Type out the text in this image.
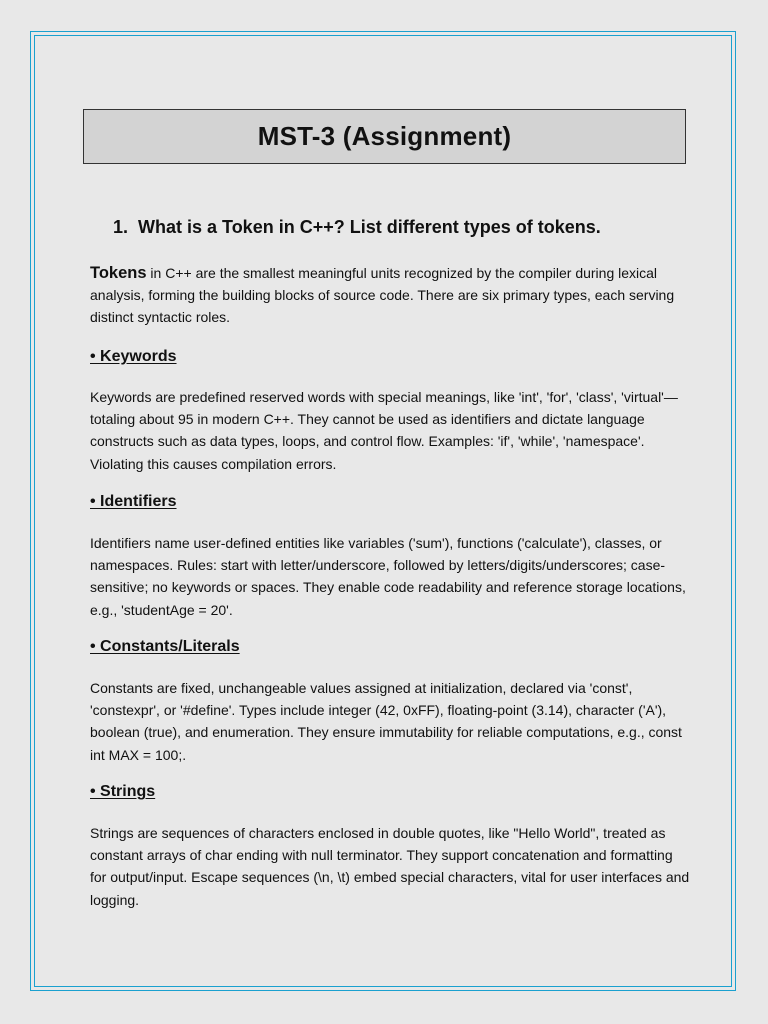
MST-3 (Assignment)
1. What is a Token in C++? List different types of tokens.

Tokens in C++ are the smallest meaningful units recognized by the compiler during lexical analysis, forming the building blocks of source code. There are six primary types, each serving distinct syntactic roles.

• Keywords

Keywords are predefined reserved words with special meanings, like 'int', 'for', 'class', 'virtual'—totaling about 95 in modern C++. They cannot be used as identifiers and dictate language constructs such as data types, loops, and control flow. Examples: 'if', 'while', 'namespace'. Violating this causes compilation errors.

• Identifiers

Identifiers name user-defined entities like variables ('sum'), functions ('calculate'), classes, or namespaces. Rules: start with letter/underscore, followed by letters/digits/underscores; case-sensitive; no keywords or spaces. They enable code readability and reference storage locations, e.g., 'studentAge = 20'.

• Constants/Literals

Constants are fixed, unchangeable values assigned at initialization, declared via 'const', 'constexpr', or '#define'. Types include integer (42, 0xFF), floating-point (3.14), character ('A'), boolean (true), and enumeration. They ensure immutability for reliable computations, e.g., const int MAX = 100;.

• Strings

Strings are sequences of characters enclosed in double quotes, like "Hello World", treated as constant arrays of char ending with null terminator. They support concatenation and formatting for output/input. Escape sequences (\n, \t) embed special characters, vital for user interfaces and logging.
